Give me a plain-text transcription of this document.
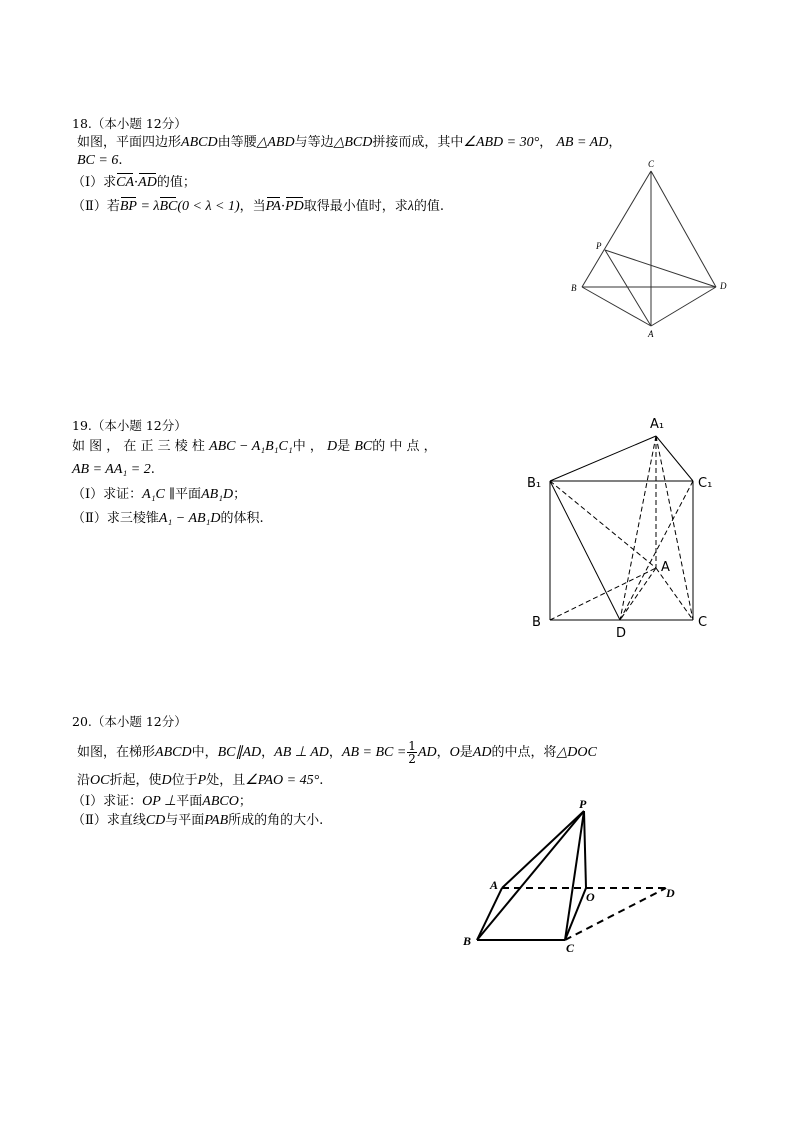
18.（本小题 12分）
如图，平面四边形ABCD由等腰△ABD与等边△BCD拼接而成，其中∠ABD = 30°， AB = AD，
BC = 6.
（Ⅰ）求CA·AD的值；
（Ⅱ）若BP = λBC(0 < λ < 1)，当PA·PD取得最小值时，求λ的值.
C
P
B	D
A
19.（本小题 12分）
如 图 ， 在 正 三 棱 柱 ABC − A₁B₁C₁中 ， D是 BC的 中 点 ，
AB = AA₁ = 2.
（Ⅰ）求证：A₁C ∥平面AB₁D；
（Ⅱ）求三棱锥A₁ − AB₁D的体积.
A₁
B₁	C₁
A
B
D
C
20.（本小题 12分）
如图，在梯形ABCD中，BC∥AD，AB ⊥ AD，AB = BC = $\frac{1}{2}$ AD，O是AD的中点，将△DOC
沿OC折起，使D位于P处，且∠PAO = 45°.
（Ⅰ）求证：OP ⊥平面ABCO；
（Ⅱ）求直线CD与平面PAB所成的角的大小.
P
A
O	D
B	C
